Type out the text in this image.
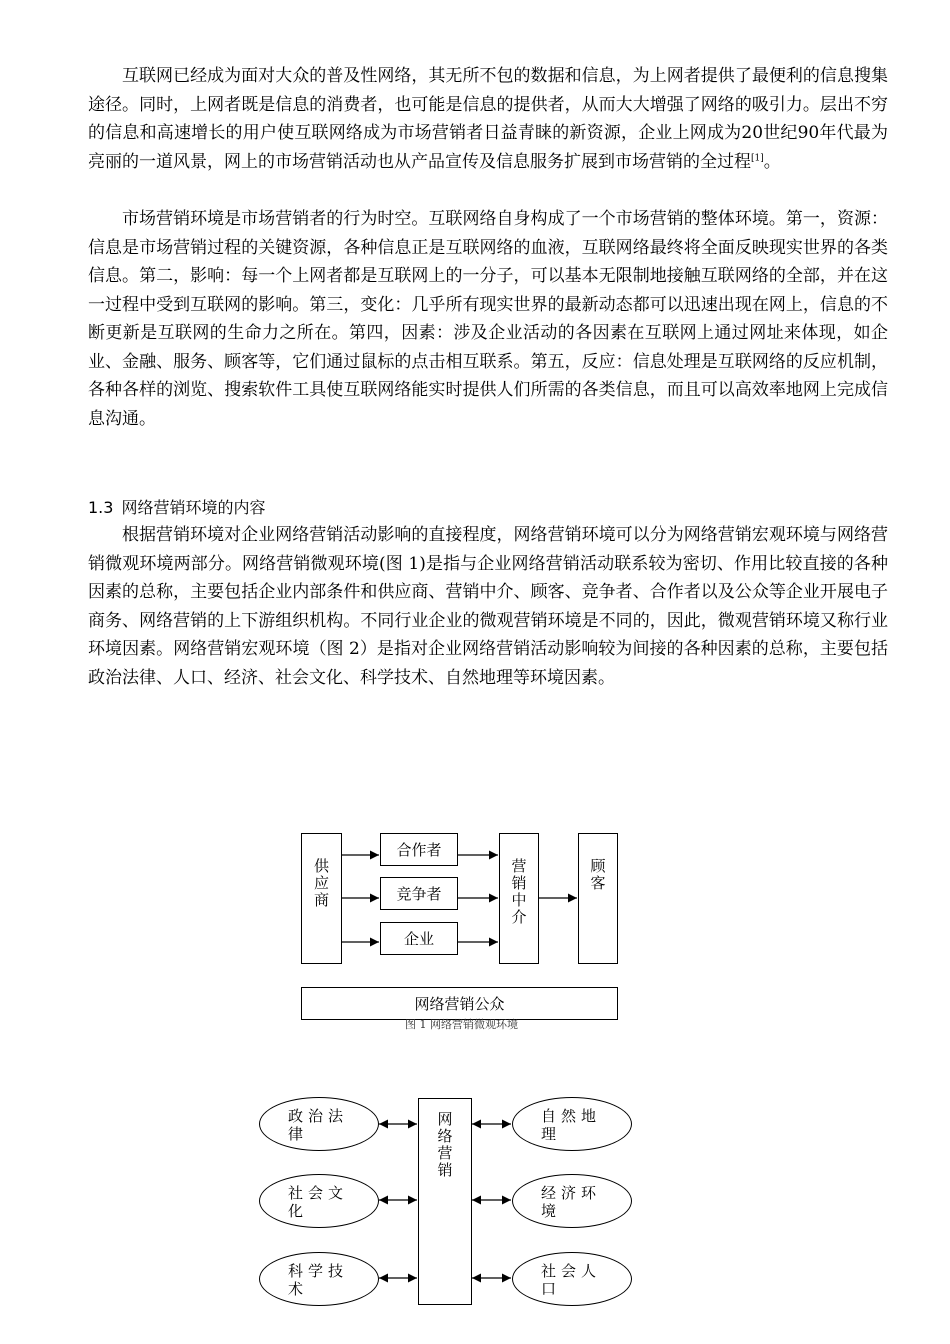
互联网已经成为面对大众的普及性网络，其无所不包的数据和信息，为上网者提供了最便利的信息搜集途径。同时，上网者既是信息的消费者，也可能是信息的提供者，从而大大增强了网络的吸引力。层出不穷的信息和高速增长的用户使互联网络成为市场营销者日益青睐的新资源，企业上网成为20世纪90年代最为亮丽的一道风景，网上的市场营销活动也从产品宣传及信息服务扩展到市场营销的全过程[1]。

市场营销环境是市场营销者的行为时空。互联网络自身构成了一个市场营销的整体环境。第一，资源：信息是市场营销过程的关键资源，各种信息正是互联网络的血液，互联网络最终将全面反映现实世界的各类信息。第二，影响：每一个上网者都是互联网上的一分子，可以基本无限制地接触互联网络的全部，并在这一过程中受到互联网的影响。第三，变化：几乎所有现实世界的最新动态都可以迅速出现在网上，信息的不断更新是互联网的生命力之所在。第四，因素：涉及企业活动的各因素在互联网上通过网址来体现，如企业、金融、服务、顾客等，它们通过鼠标的点击相互联系。第五，反应：信息处理是互联网络的反应机制，各种各样的浏览、搜索软件工具使互联网络能实时提供人们所需的各类信息，而且可以高效率地网上完成信息沟通。

1.3 网络营销环境的内容

根据营销环境对企业网络营销活动影响的直接程度，网络营销环境可以分为网络营销宏观环境与网络营销微观环境两部分。网络营销微观环境(图 1)是指与企业网络营销活动联系较为密切、作用比较直接的各种因素的总称，主要包括企业内部条件和供应商、营销中介、顾客、竞争者、合作者以及公众等企业开展电子商务、网络营销的上下游组织机构。不同行业企业的微观营销环境是不同的，因此，微观营销环境又称行业环境因素。网络营销宏观环境（图 2）是指对企业网络营销活动影响较为间接的各种因素的总称，主要包括政治法律、人口、经济、社会文化、科学技术、自然地理等环境因素。

供应商
合作者
竞争者
企业
营销中介	顾客
网络营销公众
图 1 网络营销微观环境
网络营销
政治法律
自然地理
社会文化
经济环境
科学技术
社会人口
